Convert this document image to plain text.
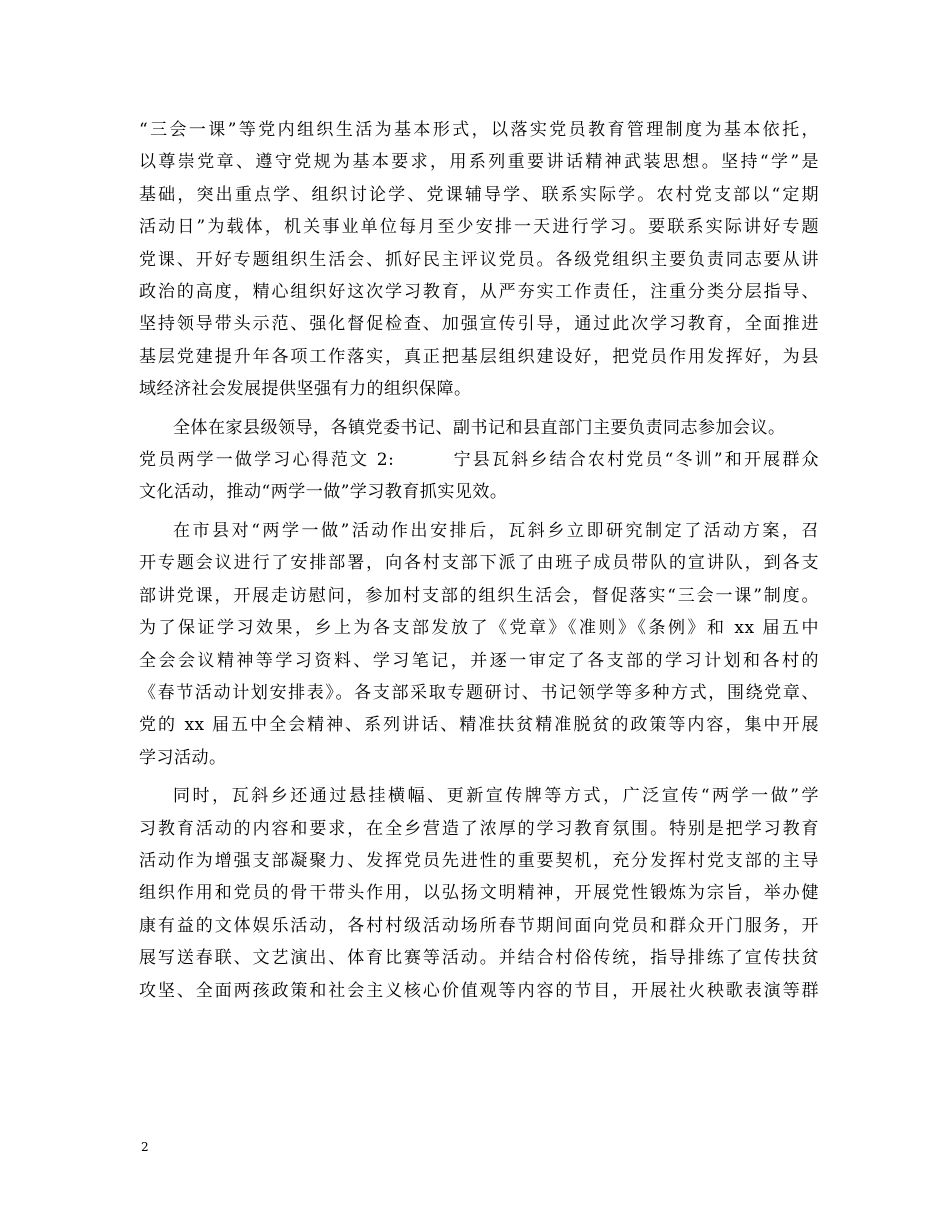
“三会一课”等党内组织生活为基本形式，以落实党员教育管理制度为基本依托，
以尊崇党章、遵守党规为基本要求，用系列重要讲话精神武装思想。坚持“学”是
基础，突出重点学、组织讨论学、党课辅导学、联系实际学。农村党支部以“定期
活动日”为载体，机关事业单位每月至少安排一天进行学习。要联系实际讲好专题
党课、开好专题组织生活会、抓好民主评议党员。各级党组织主要负责同志要从讲
政治的高度，精心组织好这次学习教育，从严夯实工作责任，注重分类分层指导、
坚持领导带头示范、强化督促检查、加强宣传引导，通过此次学习教育，全面推进
基层党建提升年各项工作落实，真正把基层组织建设好，把党员作用发挥好，为县
域经济社会发展提供坚强有力的组织保障。

全体在家县级领导，各镇党委书记、副书记和县直部门主要负责同志参加会议。

党员两学一做学习心得范文 2:　　　宁县瓦斜乡结合农村党员“冬训”和开展群众
文化活动，推动“两学一做”学习教育抓实见效。

在市县对“两学一做”活动作出安排后，瓦斜乡立即研究制定了活动方案，召
开专题会议进行了安排部署，向各村支部下派了由班子成员带队的宣讲队，到各支
部讲党课，开展走访慰问，参加村支部的组织生活会，督促落实“三会一课”制度。
为了保证学习效果，乡上为各支部发放了《党章》《准则》《条例》和 xx 届五中
全会会议精神等学习资料、学习笔记，并逐一审定了各支部的学习计划和各村的
《春节活动计划安排表》。各支部采取专题研讨、书记领学等多种方式，围绕党章、
党的 xx 届五中全会精神、系列讲话、精准扶贫精准脱贫的政策等内容，集中开展
学习活动。

同时，瓦斜乡还通过悬挂横幅、更新宣传牌等方式，广泛宣传“两学一做”学
习教育活动的内容和要求，在全乡营造了浓厚的学习教育氛围。特别是把学习教育
活动作为增强支部凝聚力、发挥党员先进性的重要契机，充分发挥村党支部的主导
组织作用和党员的骨干带头作用，以弘扬文明精神，开展党性锻炼为宗旨，举办健
康有益的文体娱乐活动，各村村级活动场所春节期间面向党员和群众开门服务，开
展写送春联、文艺演出、体育比赛等活动。并结合村俗传统，指导排练了宣传扶贫
攻坚、全面两孩政策和社会主义核心价值观等内容的节目，开展社火秧歌表演等群

2
